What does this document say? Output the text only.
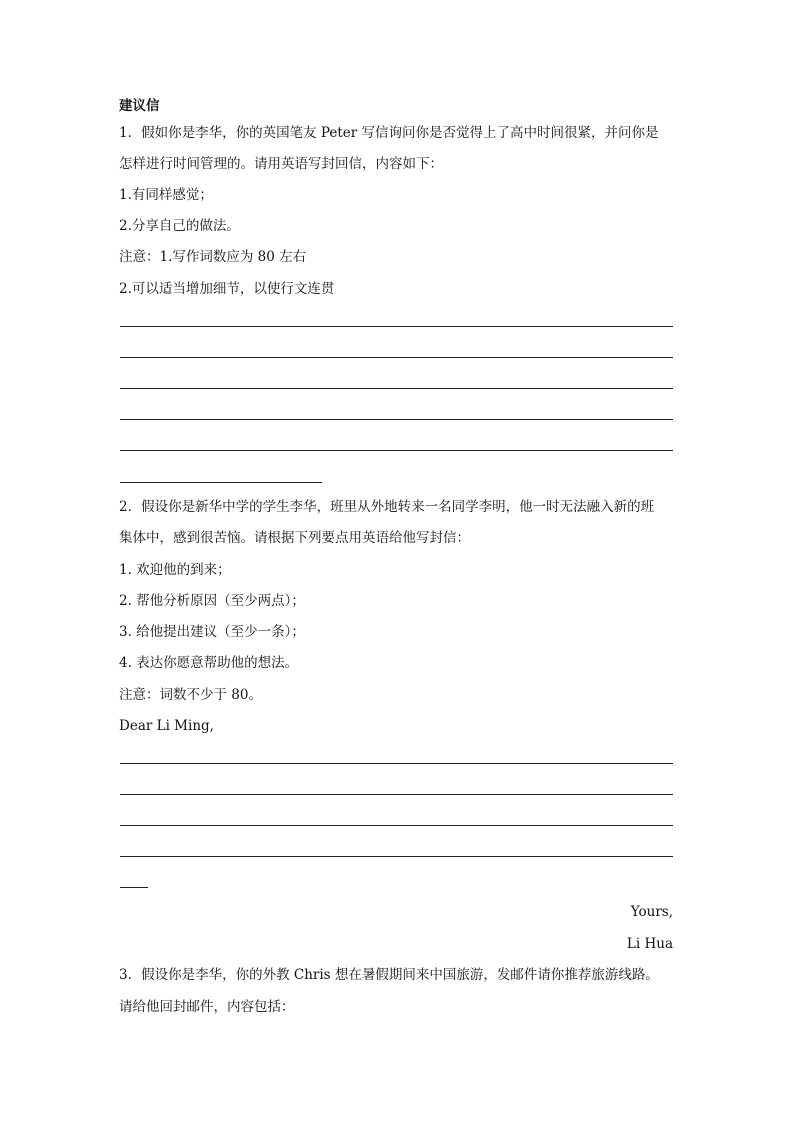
建议信
1．假如你是李华，你的英国笔友 Peter 写信询问你是否觉得上了高中时间很紧，并问你是
怎样进行时间管理的。请用英语写封回信，内容如下：
1.有同样感觉；
2.分享自己的做法。
注意：1.写作词数应为 80 左右
2.可以适当增加细节，以使行文连贯
2．假设你是新华中学的学生李华，班里从外地转来一名同学李明，他一时无法融入新的班
集体中，感到很苦恼。请根据下列要点用英语给他写封信：
1. 欢迎他的到来；
2. 帮他分析原因（至少两点）；
3. 给他提出建议（至少一条）；
4. 表达你愿意帮助他的想法。
注意：词数不少于 80。
Dear Li Ming,
Yours,
Li Hua
3．假设你是李华，你的外教 Chris 想在暑假期间来中国旅游，发邮件请你推荐旅游线路。
请给他回封邮件，内容包括：
